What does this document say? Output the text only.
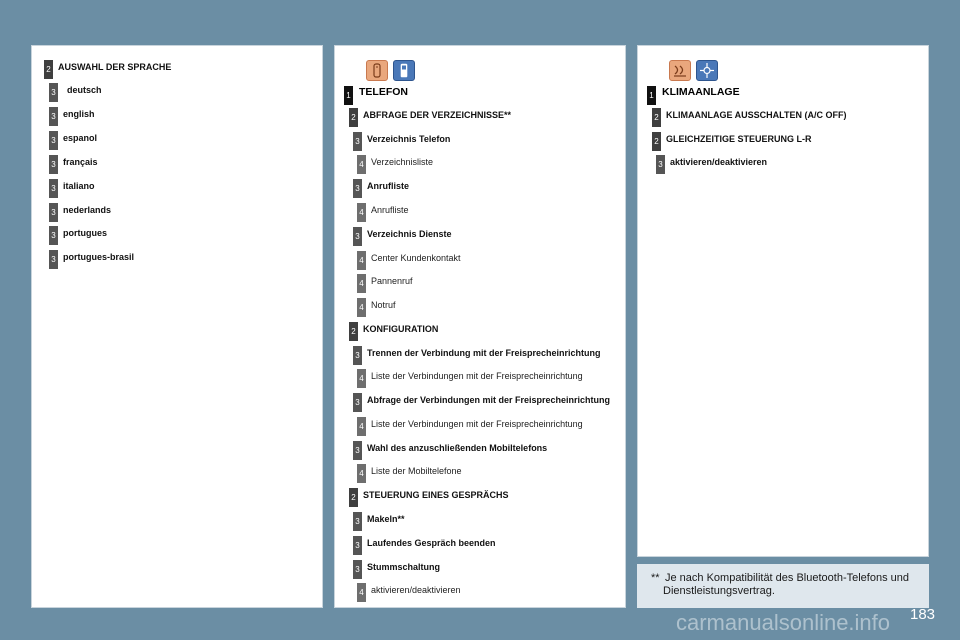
2 AUSWAHL DER SPRACHE
3 deutsch
3 english
3 espanol
3 français
3 italiano
3 nederlands
3 portugues
3 portugues-brasil
1 TELEFON
2 ABFRAGE DER VERZEICHNISSE**
3 Verzeichnis Telefon
4 Verzeichnisliste
3 Anrufliste
4 Anrufliste
3 Verzeichnis Dienste
4 Center Kundenkontakt
4 Pannenruf
4 Notruf
2 KONFIGURATION
3 Trennen der Verbindung mit der Freisprecheinrichtung
4 Liste der Verbindungen mit der Freisprecheinrichtung
3 Abfrage der Verbindungen mit der Freisprecheinrichtung
4 Liste der Verbindungen mit der Freisprecheinrichtung
3 Wahl des anzuschließenden Mobiltelefons
4 Liste der Mobiltelefone
2 STEUERUNG EINES GESPRÄCHS
3 Makeln**
3 Laufendes Gespräch beenden
3 Stummschaltung
4 aktivieren/deaktivieren
1 KLIMAANLAGE
2 KLIMAANLAGE AUSSCHALTEN (A/C OFF)
2 GLEICHZEITIGE STEUERUNG L-R
3 aktivieren/deaktivieren
** Je nach Kompatibilität des Bluetooth-Telefons und
Dienstleistungsvertrag.
carmanualsonline.info 183
